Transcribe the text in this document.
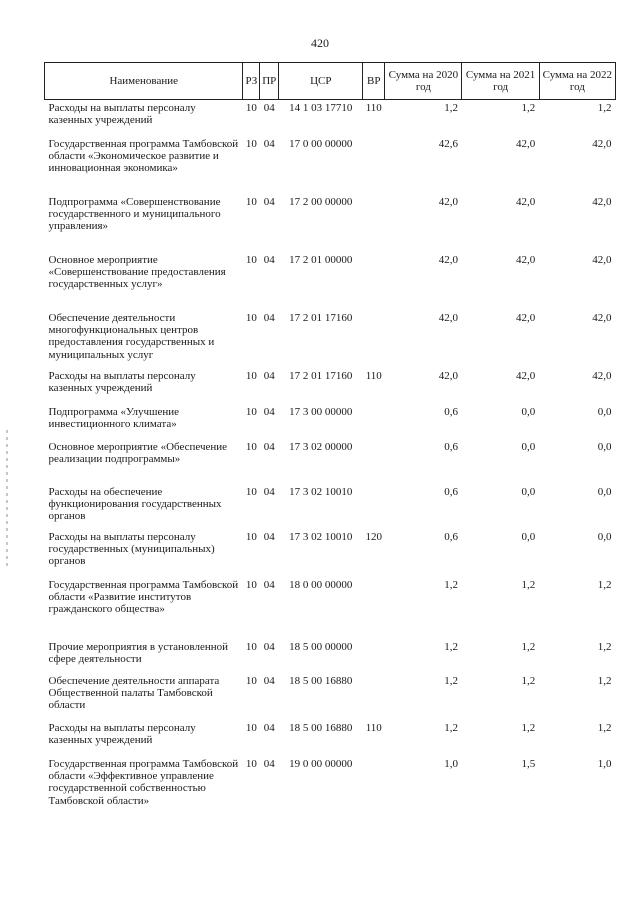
420
Наименование	РЗ	ПР	ЦСР	ВР	Сумма на 2020 год	Сумма на 2021 год	Сумма на 2022 год
Расходы на выплаты персоналу казенных учреждений	10	04	14 1 03 17710	110	1,2	1,2	1,2
Государственная программа Тамбовской области «Экономическое развитие и инновационная экономика»	10	04	17 0 00 00000		42,6	42,0	42,0
Подпрограмма «Совершенствование государственного и муниципального управления»	10	04	17 2 00 00000		42,0	42,0	42,0
Основное мероприятие «Совершенствование предоставления государственных услуг»	10	04	17 2 01 00000		42,0	42,0	42,0
Обеспечение деятельности многофункциональных центров предоставления государственных и муниципальных услуг	10	04	17 2 01 17160		42,0	42,0	42,0
Расходы на выплаты персоналу казенных учреждений	10	04	17 2 01 17160	110	42,0	42,0	42,0
Подпрограмма «Улучшение инвестиционного климата»	10	04	17 3 00 00000		0,6	0,0	0,0
Основное мероприятие «Обеспечение реализации подпрограммы»	10	04	17 3 02 00000		0,6	0,0	0,0
Расходы на обеспечение функционирования государственных органов	10	04	17 3 02 10010		0,6	0,0	0,0
Расходы на выплаты персоналу государственных (муниципальных) органов	10	04	17 3 02 10010	120	0,6	0,0	0,0
Государственная программа Тамбовской области «Развитие институтов гражданского общества»	10	04	18 0 00 00000		1,2	1,2	1,2
Прочие мероприятия в установленной сфере деятельности	10	04	18 5 00 00000		1,2	1,2	1,2
Обеспечение деятельности аппарата Общественной палаты Тамбовской области	10	04	18 5 00 16880		1,2	1,2	1,2
Расходы на выплаты персоналу казенных учреждений	10	04	18 5 00 16880	110	1,2	1,2	1,2
Государственная программа Тамбовской области «Эффективное управление государственной собственностью Тамбовской области»	10	04	19 0 00 00000		1,0	1,5	1,0
